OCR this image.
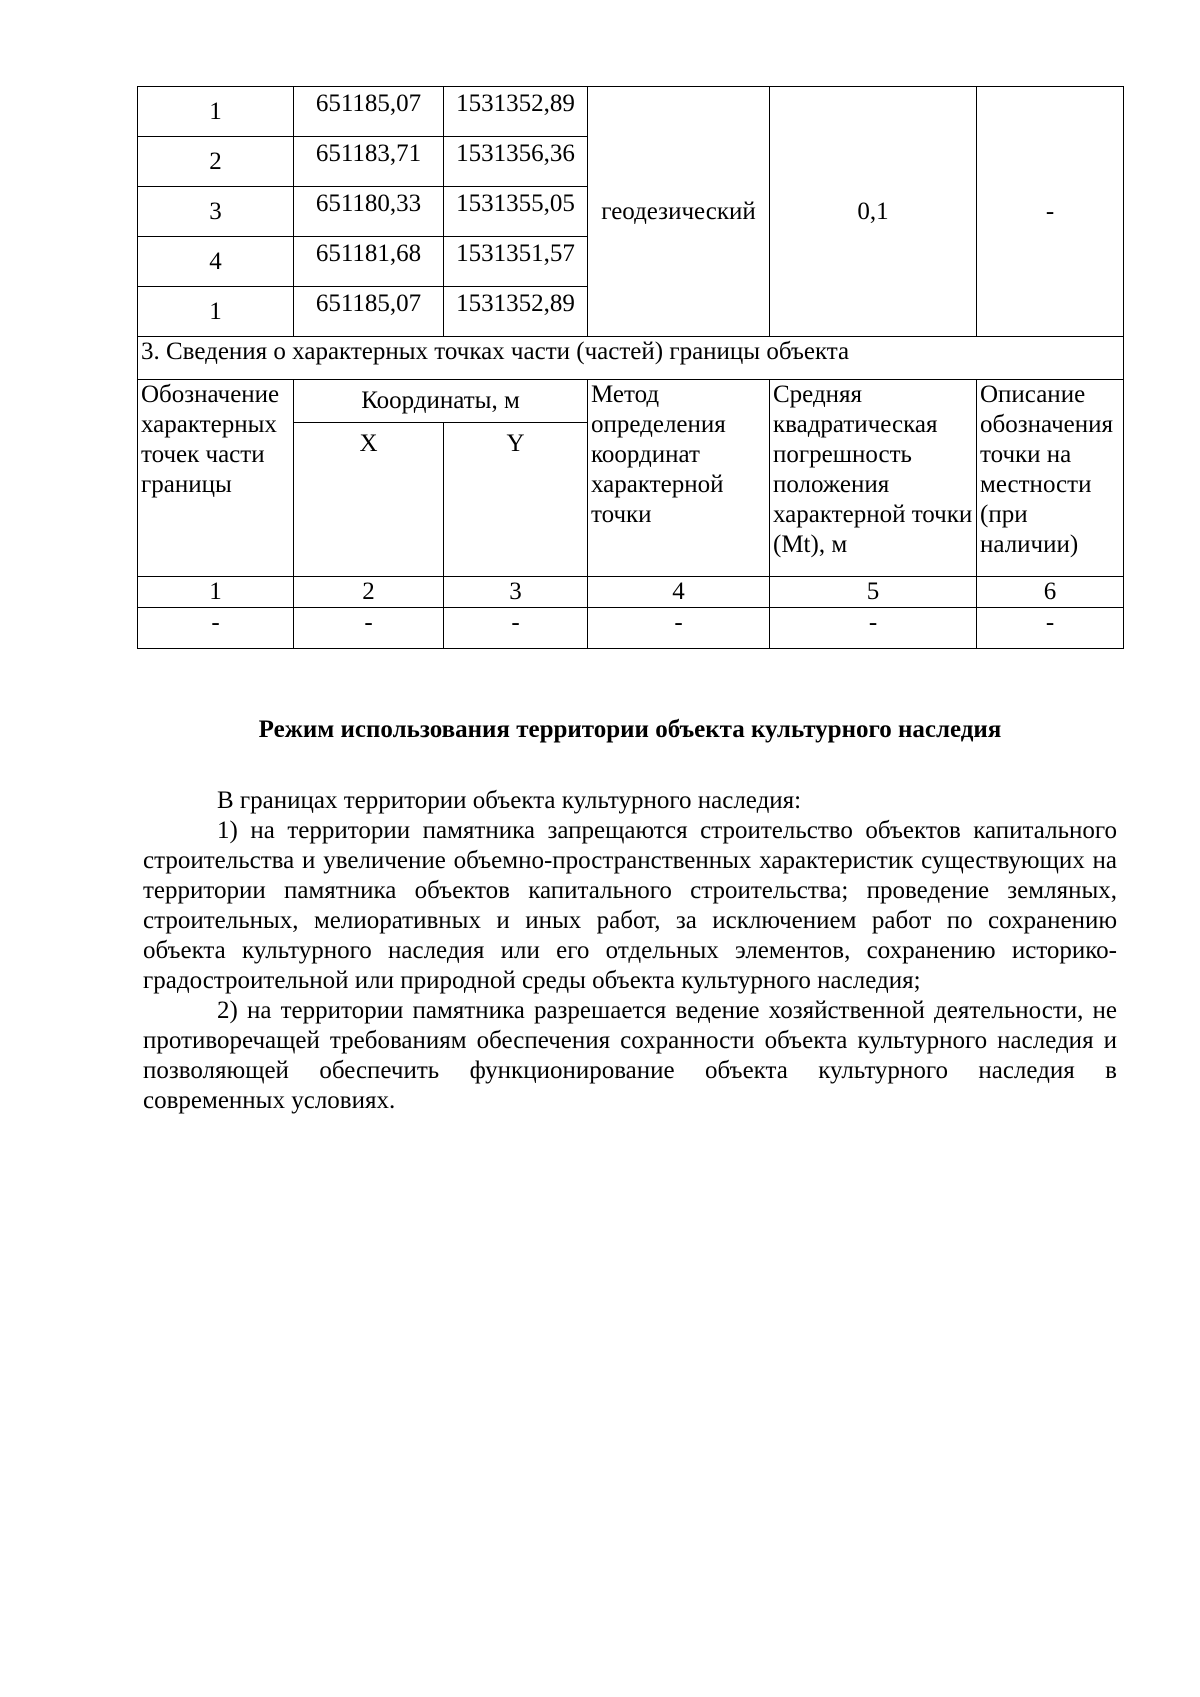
1	651185,07	1531352,89	геодезический	0,1	-
2	651183,71	1531356,36			
3	651180,33	1531355,05			
4	651181,68	1531351,57			
1	651185,07	1531352,89			
3. Сведения о характерных точках части (частей) границы объекта					
Обозначение характерных точек части границы	Координаты, м		Метод определения координат характерной точки	Средняя квадратическая погрешность положения характерной точки (Mt), м	Описание обозначения точки на местности (при наличии)
	X	Y			
1	2	3	4	5	6
-	-	-	-	-	-
Режим использования территории объекта культурного наследия

В границах территории объекта культурного наследия:

1) на территории памятника запрещаются строительство объектов капитального строительства и увеличение объемно-пространственных характеристик существующих на территории памятника объектов капитального строительства; проведение земляных, строительных, мелиоративных и иных работ, за исключением работ по сохранению объекта культурного наследия или его отдельных элементов, сохранению историко-градостроительной или природной среды объекта культурного наследия;

2) на территории памятника разрешается ведение хозяйственной деятельности, не противоречащей требованиям обеспечения сохранности объекта культурного наследия и позволяющей обеспечить функционирование объекта культурного наследия в современных условиях.
